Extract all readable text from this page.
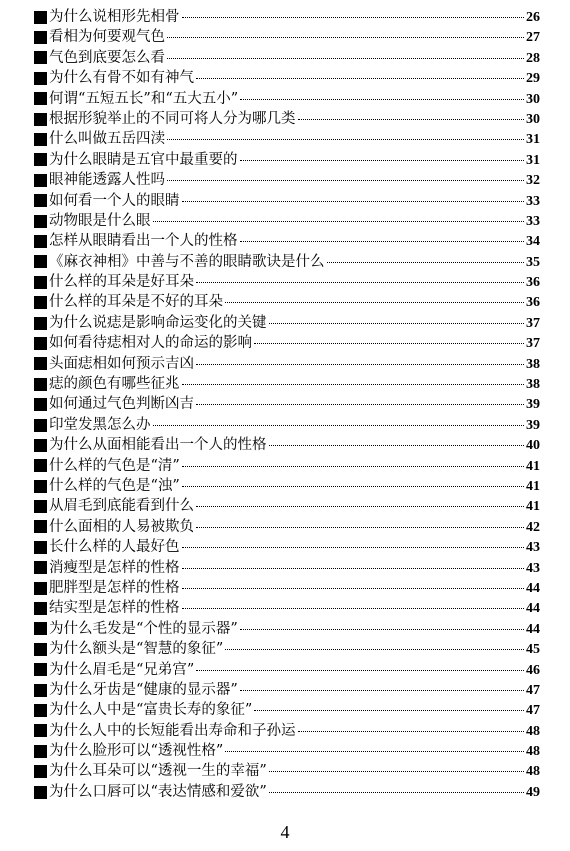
为什么说相形先相骨	26
看相为何要观气色	27
气色到底要怎么看	28
为什么有骨不如有神气	29
何谓“五短五长”和“五大五小”	30
根据形貌举止的不同可将人分为哪几类	30
什么叫做五岳四渎	31
为什么眼睛是五官中最重要的	31
眼神能透露人性吗	32
如何看一个人的眼睛	33
动物眼是什么眼	33
怎样从眼睛看出一个人的性格	34
《麻衣神相》中善与不善的眼睛歌诀是什么	35
什么样的耳朵是好耳朵	36
什么样的耳朵是不好的耳朵	36
为什么说痣是影响命运变化的关键	37
如何看待痣相对人的命运的影响	37
头面痣相如何预示吉凶	38
痣的颜色有哪些征兆	38
如何通过气色判断凶吉	39
印堂发黑怎么办	39
为什么从面相能看出一个人的性格	40
什么样的气色是“清”	41
什么样的气色是“浊”	41
从眉毛到底能看到什么	41
什么面相的人易被欺负	42
长什么样的人最好色	43
消瘦型是怎样的性格	43
肥胖型是怎样的性格	44
结实型是怎样的性格	44
为什么毛发是“个性的显示器”	44
为什么额头是“智慧的象征”	45
为什么眉毛是“兄弟宫”	46
为什么牙齿是“健康的显示器”	47
为什么人中是“富贵长寿的象征”	47
为什么人中的长短能看出寿命和子孙运	48
为什么脸形可以“透视性格”	48
为什么耳朵可以“透视一生的幸福”	48
为什么口唇可以“表达情感和爱欲”	49
4
